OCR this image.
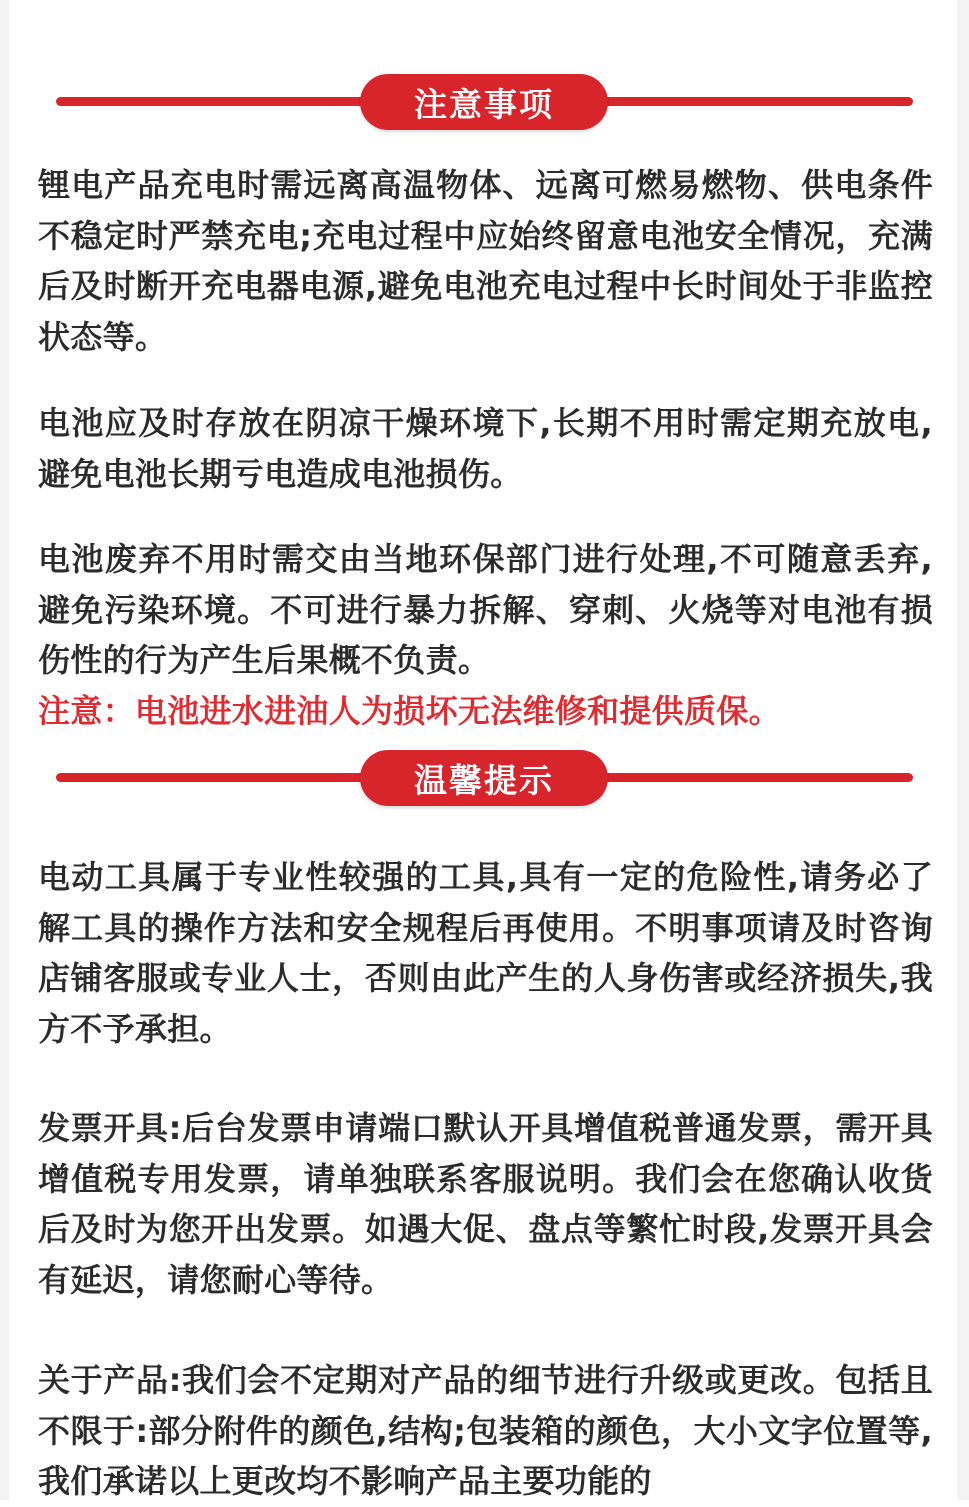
注意事项

锂电产品充电时需远离高温物体、远离可燃易燃物、供电条件不稳定时严禁充电;充电过程中应始终留意电池安全情况，充满后及时断开充电器电源,避免电池充电过程中长时间处于非监控状态等。

电池应及时存放在阴凉干燥环境下,长期不用时需定期充放电,避免电池长期亏电造成电池损伤。

电池废弃不用时需交由当地环保部门进行处理,不可随意丢弃,避免污染环境。不可进行暴力拆解、穿刺、火烧等对电池有损伤性的行为产生后果概不负责。

注意：电池进水进油人为损坏无法维修和提供质保。

温馨提示

电动工具属于专业性较强的工具,具有一定的危险性,请务必了解工具的操作方法和安全规程后再使用。不明事项请及时咨询店铺客服或专业人士，否则由此产生的人身伤害或经济损失,我方不予承担。

发票开具:后台发票申请端口默认开具增值税普通发票，需开具增值税专用发票，请单独联系客服说明。我们会在您确认收货后及时为您开出发票。如遇大促、盘点等繁忙时段,发票开具会有延迟，请您耐心等待。

关于产品:我们会不定期对产品的细节进行升级或更改。包括且不限于:部分附件的颜色,结构;包装箱的颜色，大小文字位置等,我们承诺以上更改均不影响产品主要功能的
